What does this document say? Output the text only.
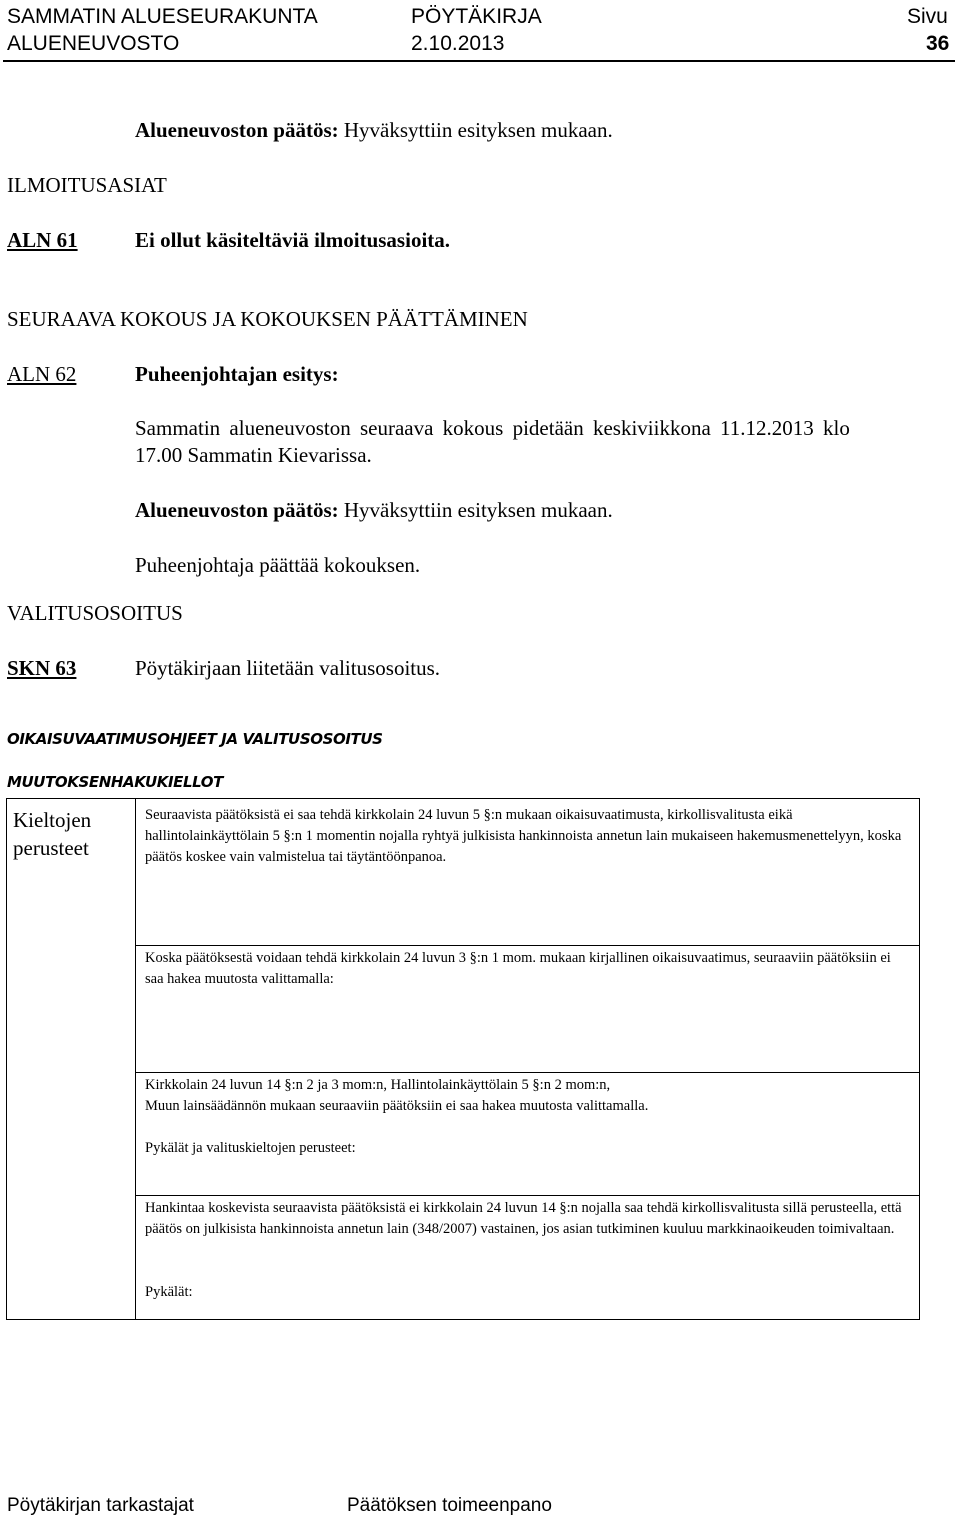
SAMMATIN ALUESEURAKUNTA
ALUENEUVOSTO
PÖYTÄKIRJA
2.10.2013
Sivu
36
Alueneuvoston päätös: Hyväksyttiin esityksen mukaan.
ILMOITUSASIAT
ALN 61	Ei ollut käsiteltäviä ilmoitusasioita.
SEURAAVA KOKOUS JA KOKOUKSEN PÄÄTTÄMINEN
ALN 62	Puheenjohtajan esitys:
Sammatin alueneuvoston seuraava kokous pidetään keskiviikkona 11.12.2013 klo
17.00 Sammatin Kievarissa.
Alueneuvoston päätös: Hyväksyttiin esityksen mukaan.
Puheenjohtaja päättää kokouksen.
VALITUSOSOITUS
SKN 63	Pöytäkirjaan liitetään valitusosoitus.
OIKAISUVAATIMUSOHJEET JA VALITUSOSOITUS
MUUTOKSENHAKUKIELLOT
Kieltojen
perusteet
Seuraavista päätöksistä ei saa tehdä kirkkolain 24 luvun 5 §:n mukaan oikaisuvaatimusta, kirkollisvalitusta eikä hallintolainkäyttölain 5 §:n 1 momentin nojalla ryhtyä julkisista hankinnoista annetun lain mukaiseen hakemusmenettelyyn, koska päätös koskee vain valmistelua tai täytäntöönpanoa.
Koska päätöksestä voidaan tehdä kirkkolain 24 luvun 3 §:n 1 mom. mukaan kirjallinen oikaisuvaatimus, seuraaviin päätöksiin ei saa hakea muutosta valittamalla:
Kirkkolain 24 luvun 14 §:n 2 ja 3 mom:n, Hallintolainkäyttölain 5 §:n 2 mom:n,
Muun lainsäädännön mukaan seuraaviin päätöksiin ei saa hakea muutosta valittamalla.
Pykälät ja valituskieltojen perusteet:
Hankintaa koskevista seuraavista päätöksistä ei kirkkolain 24 luvun 14 §:n nojalla saa tehdä kirkollisvalitusta sillä perusteella, että päätös on julkisista hankinnoista annetun lain (348/2007) vastainen, jos asian tutkiminen kuuluu markkinaoikeuden toimivaltaan.
Pykälät:
Pöytäkirjan tarkastajat	Päätöksen toimeenpano
